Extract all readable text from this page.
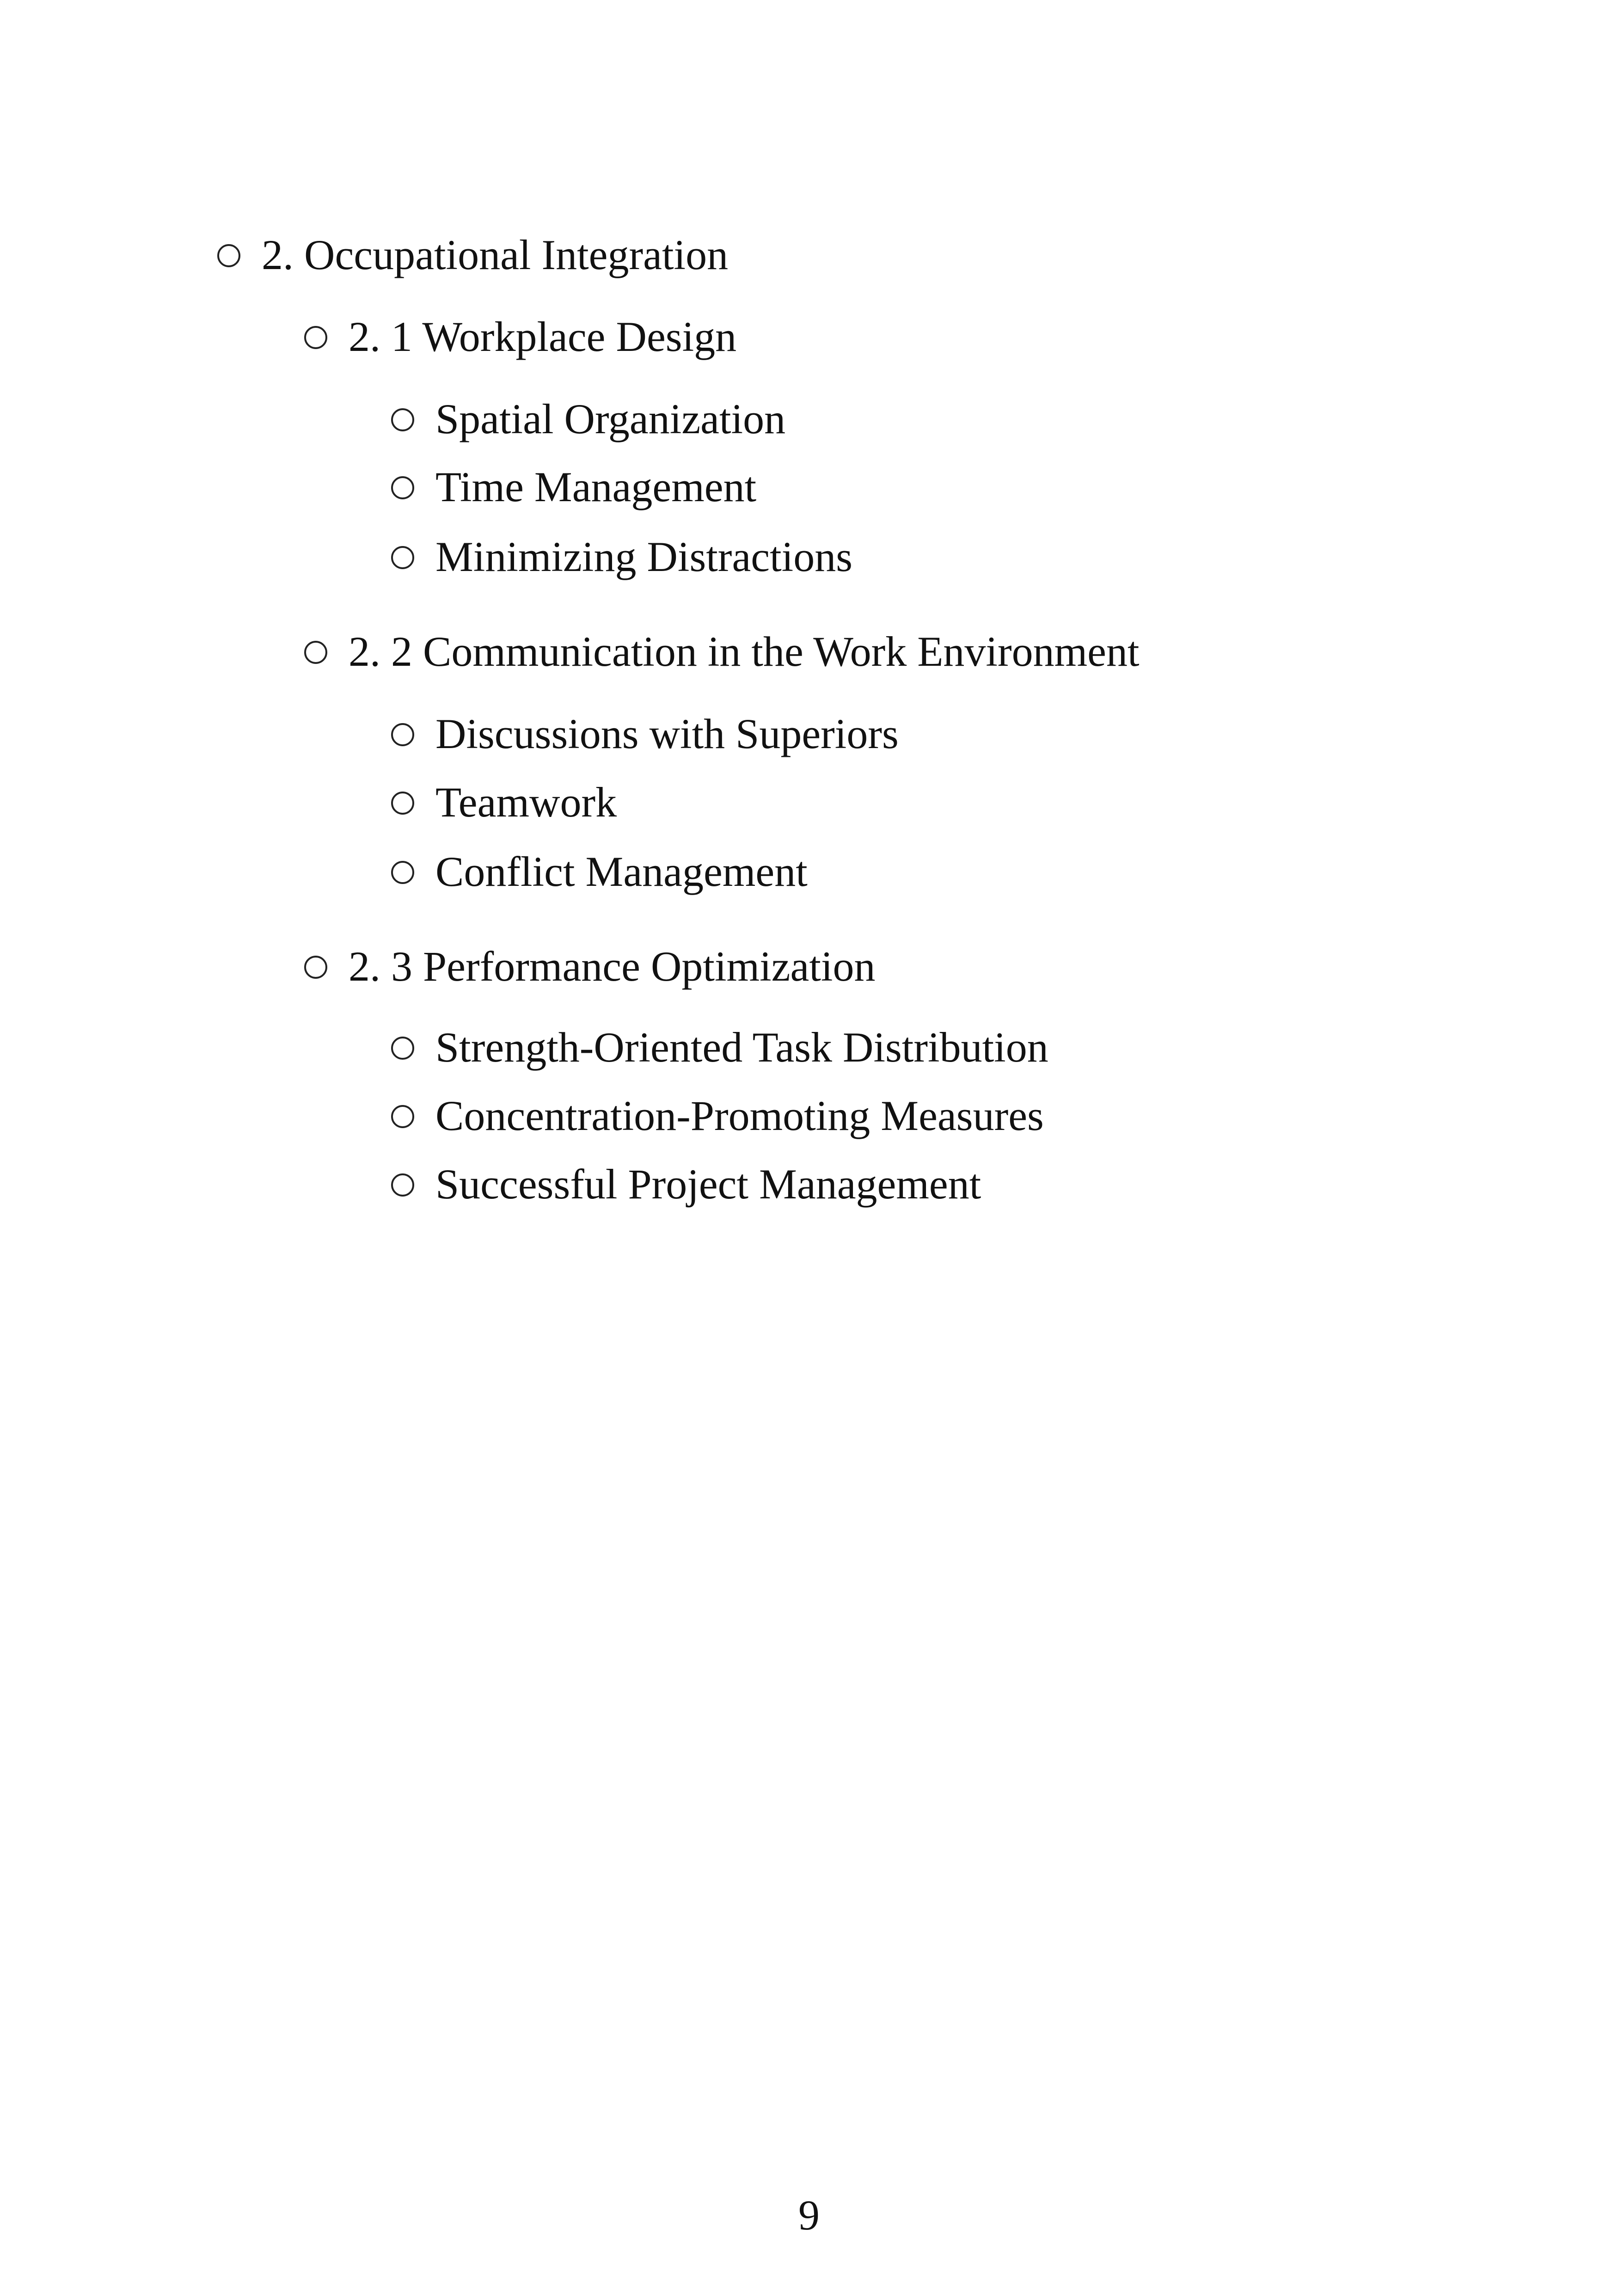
2. Occupational Integration
2. 1 Workplace Design
Spatial Organization
Time Management
Minimizing Distractions
2. 2 Communication in the Work Environment
Discussions with Superiors
Teamwork
Conflict Management
2. 3 Performance Optimization
Strength-Oriented Task Distribution
Concentration-Promoting Measures
Successful Project Management
9
